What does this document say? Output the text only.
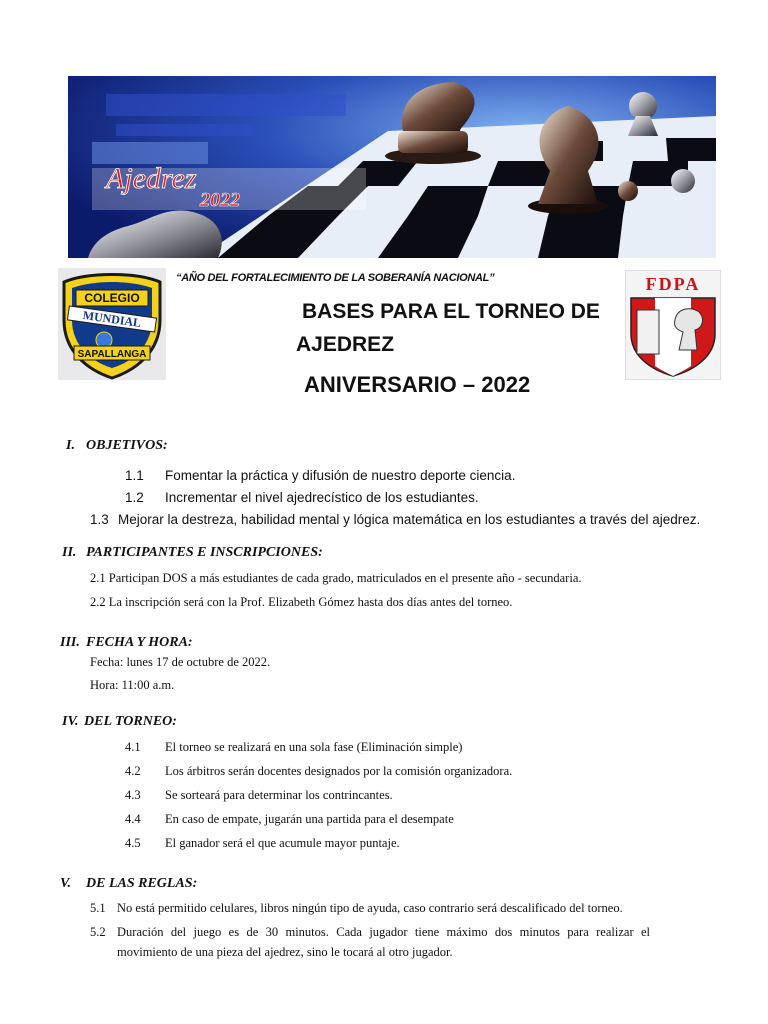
Ajedrez
2022
COLEGIO
MUNDIAL
SAPALLANGA
FDPA
“AÑO DEL FORTALECIMIENTO DE LA SOBERANÍA NACIONAL”
BASES PARA EL TORNEO DE
AJEDREZ
ANIVERSARIO – 2022
I. OBJETIVOS:
1.1 Fomentar la práctica y difusión de nuestro deporte ciencia.
1.2 Incrementar el nivel ajedrecístico de los estudiantes.
1.3 Mejorar la destreza, habilidad mental y lógica matemática en los estudiantes a través del ajedrez.
II. PARTICIPANTES E INSCRIPCIONES:
2.1 Participan DOS a más estudiantes de cada grado, matriculados en el presente año - secundaria.
2.2 La inscripción será con la Prof. Elizabeth Gómez hasta dos días antes del torneo.
III. FECHA Y HORA:
Fecha: lunes 17 de octubre de 2022.
Hora: 11:00 a.m.
IV. DEL TORNEO:
4.1 El torneo se realizará en una sola fase (Eliminación simple)
4.2 Los árbitros serán docentes designados por la comisión organizadora.
4.3 Se sorteará para determinar los contrincantes.
4.4 En caso de empate, jugarán una partida para el desempate
4.5 El ganador será el que acumule mayor puntaje.
V. DE LAS REGLAS:
5.1 No está permitido celulares, libros ningún tipo de ayuda, caso contrario será descalificado del torneo.
5.2 Duración del juego es de 30 minutos. Cada jugador tiene máximo dos minutos para realizar el
movimiento de una pieza del ajedrez, sino le tocará al otro jugador.
